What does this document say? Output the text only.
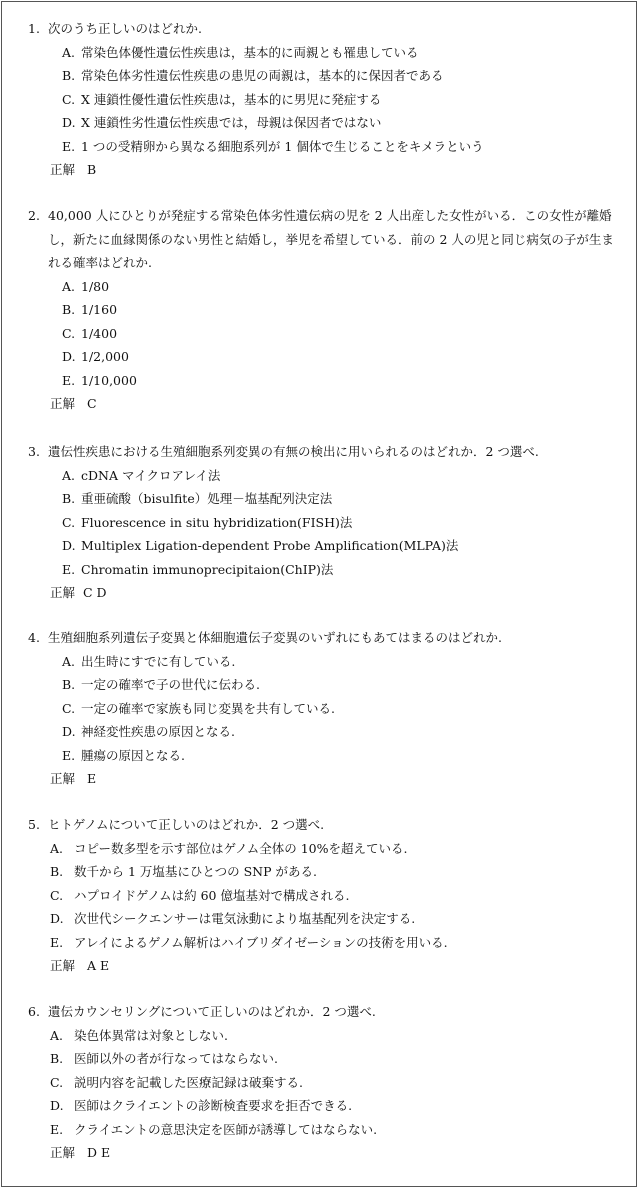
1. 次のうち正しいのはどれか.
A. 常染色体優性遺伝性疾患は，基本的に両親とも罹患している
B. 常染色体劣性遺伝性疾患の患児の両親は，基本的に保因者である
C. X 連鎖性優性遺伝性疾患は，基本的に男児に発症する
D. X 連鎖性劣性遺伝性疾患では，母親は保因者ではない
E. 1 つの受精卵から異なる細胞系列が 1 個体で生じることをキメラという
正解 B
2. 40,000 人にひとりが発症する常染色体劣性遺伝病の児を 2 人出産した女性がいる．この女性が離婚し，新たに血縁関係のない男性と結婚し，挙児を希望している．前の 2 人の児と同じ病気の子が生まれる確率はどれか.
A. 1/80
B. 1/160
C. 1/400
D. 1/2,000
E. 1/10,000
正解 C
3. 遺伝性疾患における生殖細胞系列変異の有無の検出に用いられるのはどれか．2 つ選べ.
A. cDNA マイクロアレイ法
B. 重亜硫酸（bisulfite）処理－塩基配列決定法
C. Fluorescence in situ hybridization(FISH)法
D. Multiplex Ligation-dependent Probe Amplification(MLPA)法
E. Chromatin immunoprecipitaion(ChIP)法
正解 C D
4. 生殖細胞系列遺伝子変異と体細胞遺伝子変異のいずれにもあてはまるのはどれか.
A. 出生時にすでに有している.
B. 一定の確率で子の世代に伝わる.
C. 一定の確率で家族も同じ変異を共有している.
D. 神経変性疾患の原因となる.
E. 腫瘍の原因となる.
正解 E
5. ヒトゲノムについて正しいのはどれか．2 つ選べ.
A. コピー数多型を示す部位はゲノム全体の 10%を超えている.
B. 数千から 1 万塩基にひとつの SNP がある.
C. ハプロイドゲノムは約 60 億塩基対で構成される.
D. 次世代シークエンサーは電気泳動により塩基配列を決定する.
E. アレイによるゲノム解析はハイブリダイゼーションの技術を用いる.
正解 A E
6. 遺伝カウンセリングについて正しいのはどれか．2 つ選べ.
A. 染色体異常は対象としない.
B. 医師以外の者が行なってはならない.
C. 説明内容を記載した医療記録は破棄する.
D. 医師はクライエントの診断検査要求を拒否できる.
E. クライエントの意思決定を医師が誘導してはならない.
正解 D E
